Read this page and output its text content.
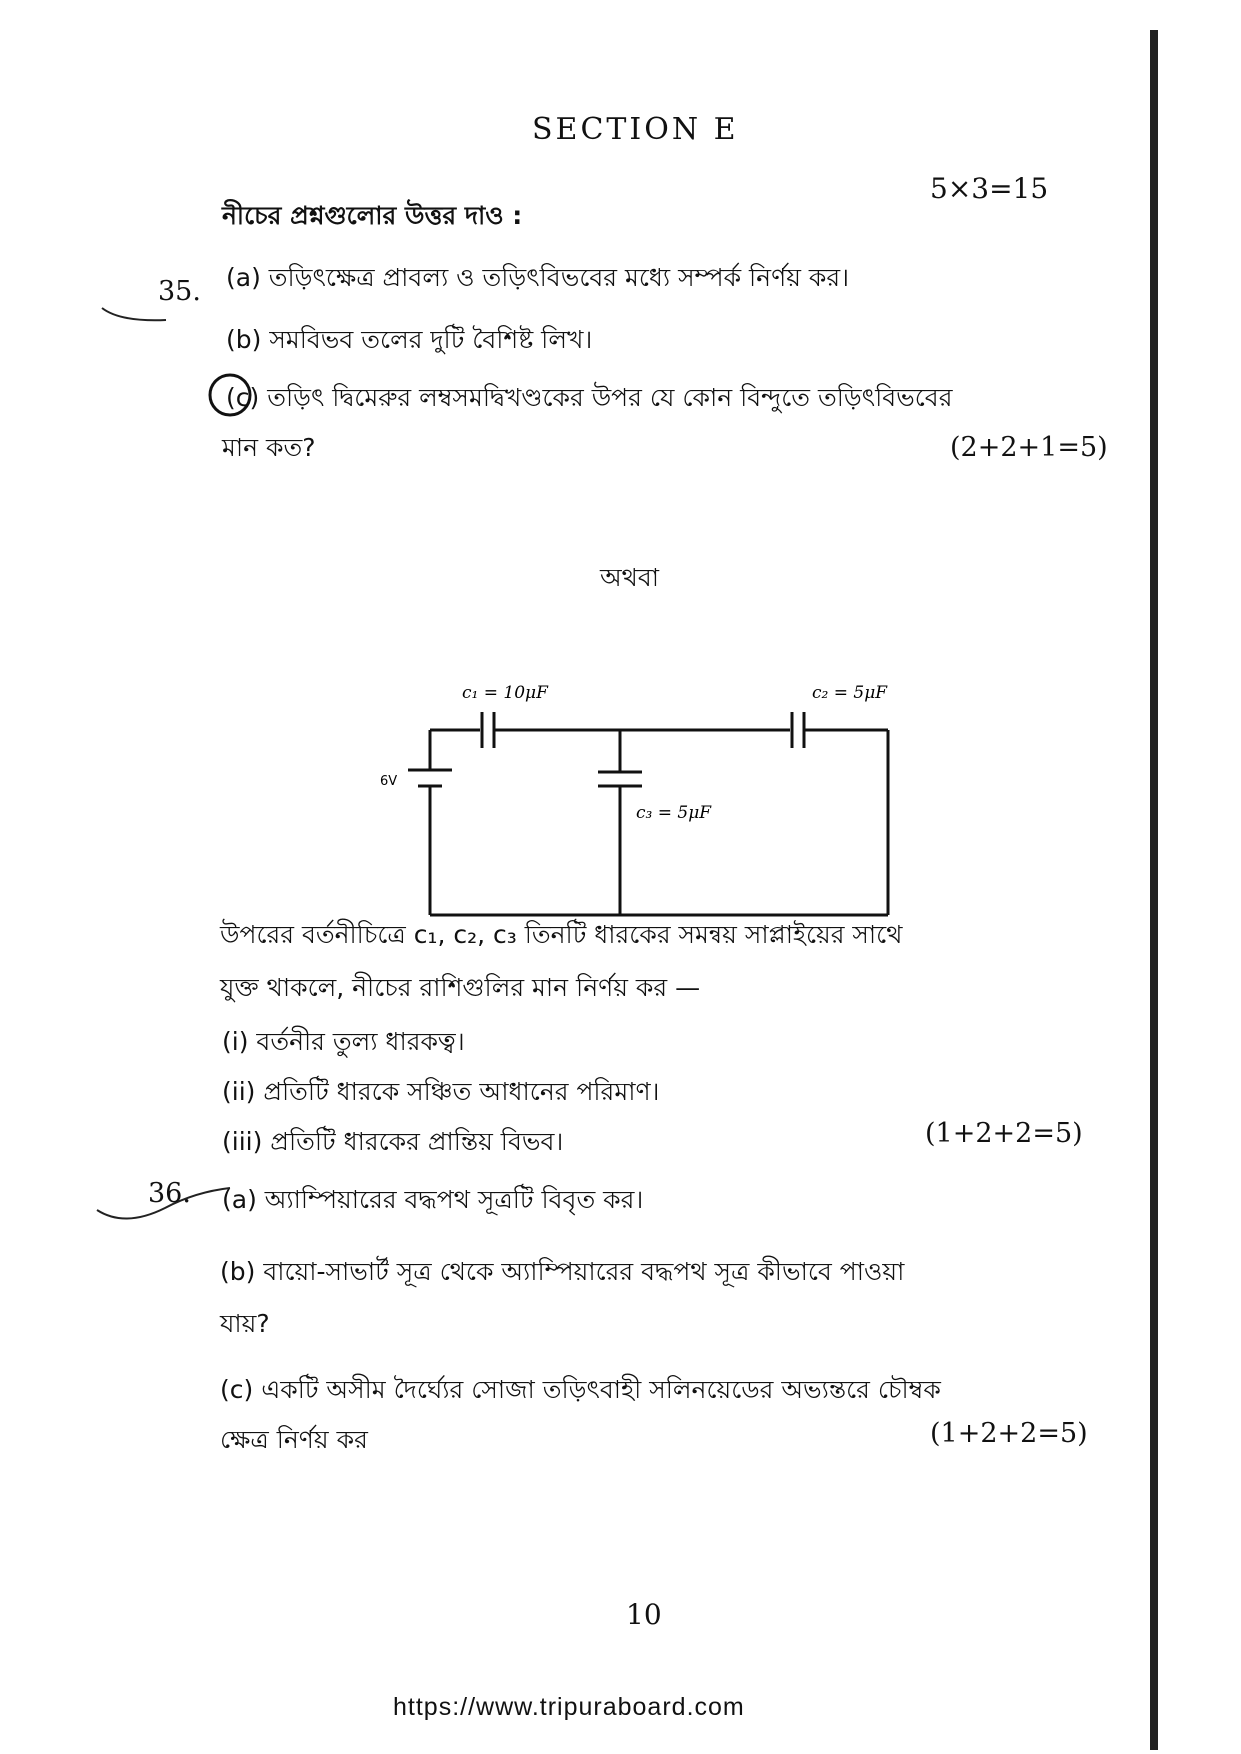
SECTION E
5×3=15
নীচের প্রশ্নগুলোর উত্তর দাও :
35. (a) তড়িৎক্ষেত্র প্রাবল্য ও তড়িৎবিভবের মধ্যে সম্পর্ক নির্ণয় কর।
(b) সমবিভব তলের দুটি বৈশিষ্ট লিখ।
(c) তড়িৎ দ্বিমেরুর লম্বসমদ্বিখণ্ডকের উপর যে কোন বিন্দুতে তড়িৎবিভবের
মান কত?	(2+2+1=5)
অথবা
c₁ = 10μF	c₂ = 5μF
c₃ = 5μF
6V
উপরের বর্তনীচিত্রে c₁, c₂, c₃ তিনটি ধারকের সমন্বয় সাপ্লাইয়ের সাথে
যুক্ত থাকলে, নীচের রাশিগুলির মান নির্ণয় কর —
(i) বর্তনীর তুল্য ধারকত্ব।
(ii) প্রতিটি ধারকে সঞ্চিত আধানের পরিমাণ।
(iii) প্রতিটি ধারকের প্রান্তিয় বিভব।	(1+2+2=5)
36. (a) অ্যাম্পিয়ারের বদ্ধপথ সূত্রটি বিবৃত কর।
(b) বায়ো-সাভার্ট সূত্র থেকে অ্যাম্পিয়ারের বদ্ধপথ সূত্র কীভাবে পাওয়া
যায়?
(c) একটি অসীম দৈর্ঘ্যের সোজা তড়িৎবাহী সলিনয়েডের অভ্যন্তরে চৌম্বক
ক্ষেত্র নির্ণয় কর	(1+2+2=5)
10
https://www.tripuraboard.com
